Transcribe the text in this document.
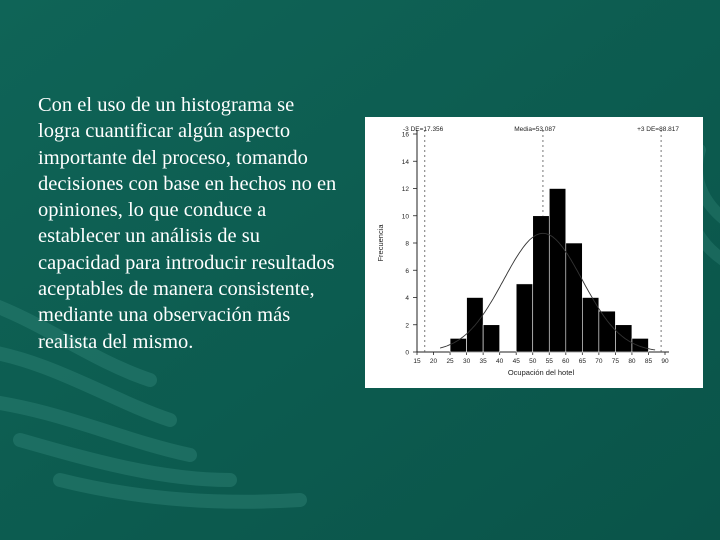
Con el uso de un histograma se logra cuantificar algún aspecto importante del proceso, tomando decisiones con base en hechos no en opiniones, lo que conduce a establecer un análisis de su capacidad para introducir resultados aceptables de manera consistente, mediante una observación más realista del mismo.

0
2
4
6
8
10
12
14
16
15 20 25 30 35 40 45 50 55 60 65 70 75 80 85 90
-3 DE=17.356	Media=53.087	+3 DE=88.817
Ocupación del hotel
Frecuencia
